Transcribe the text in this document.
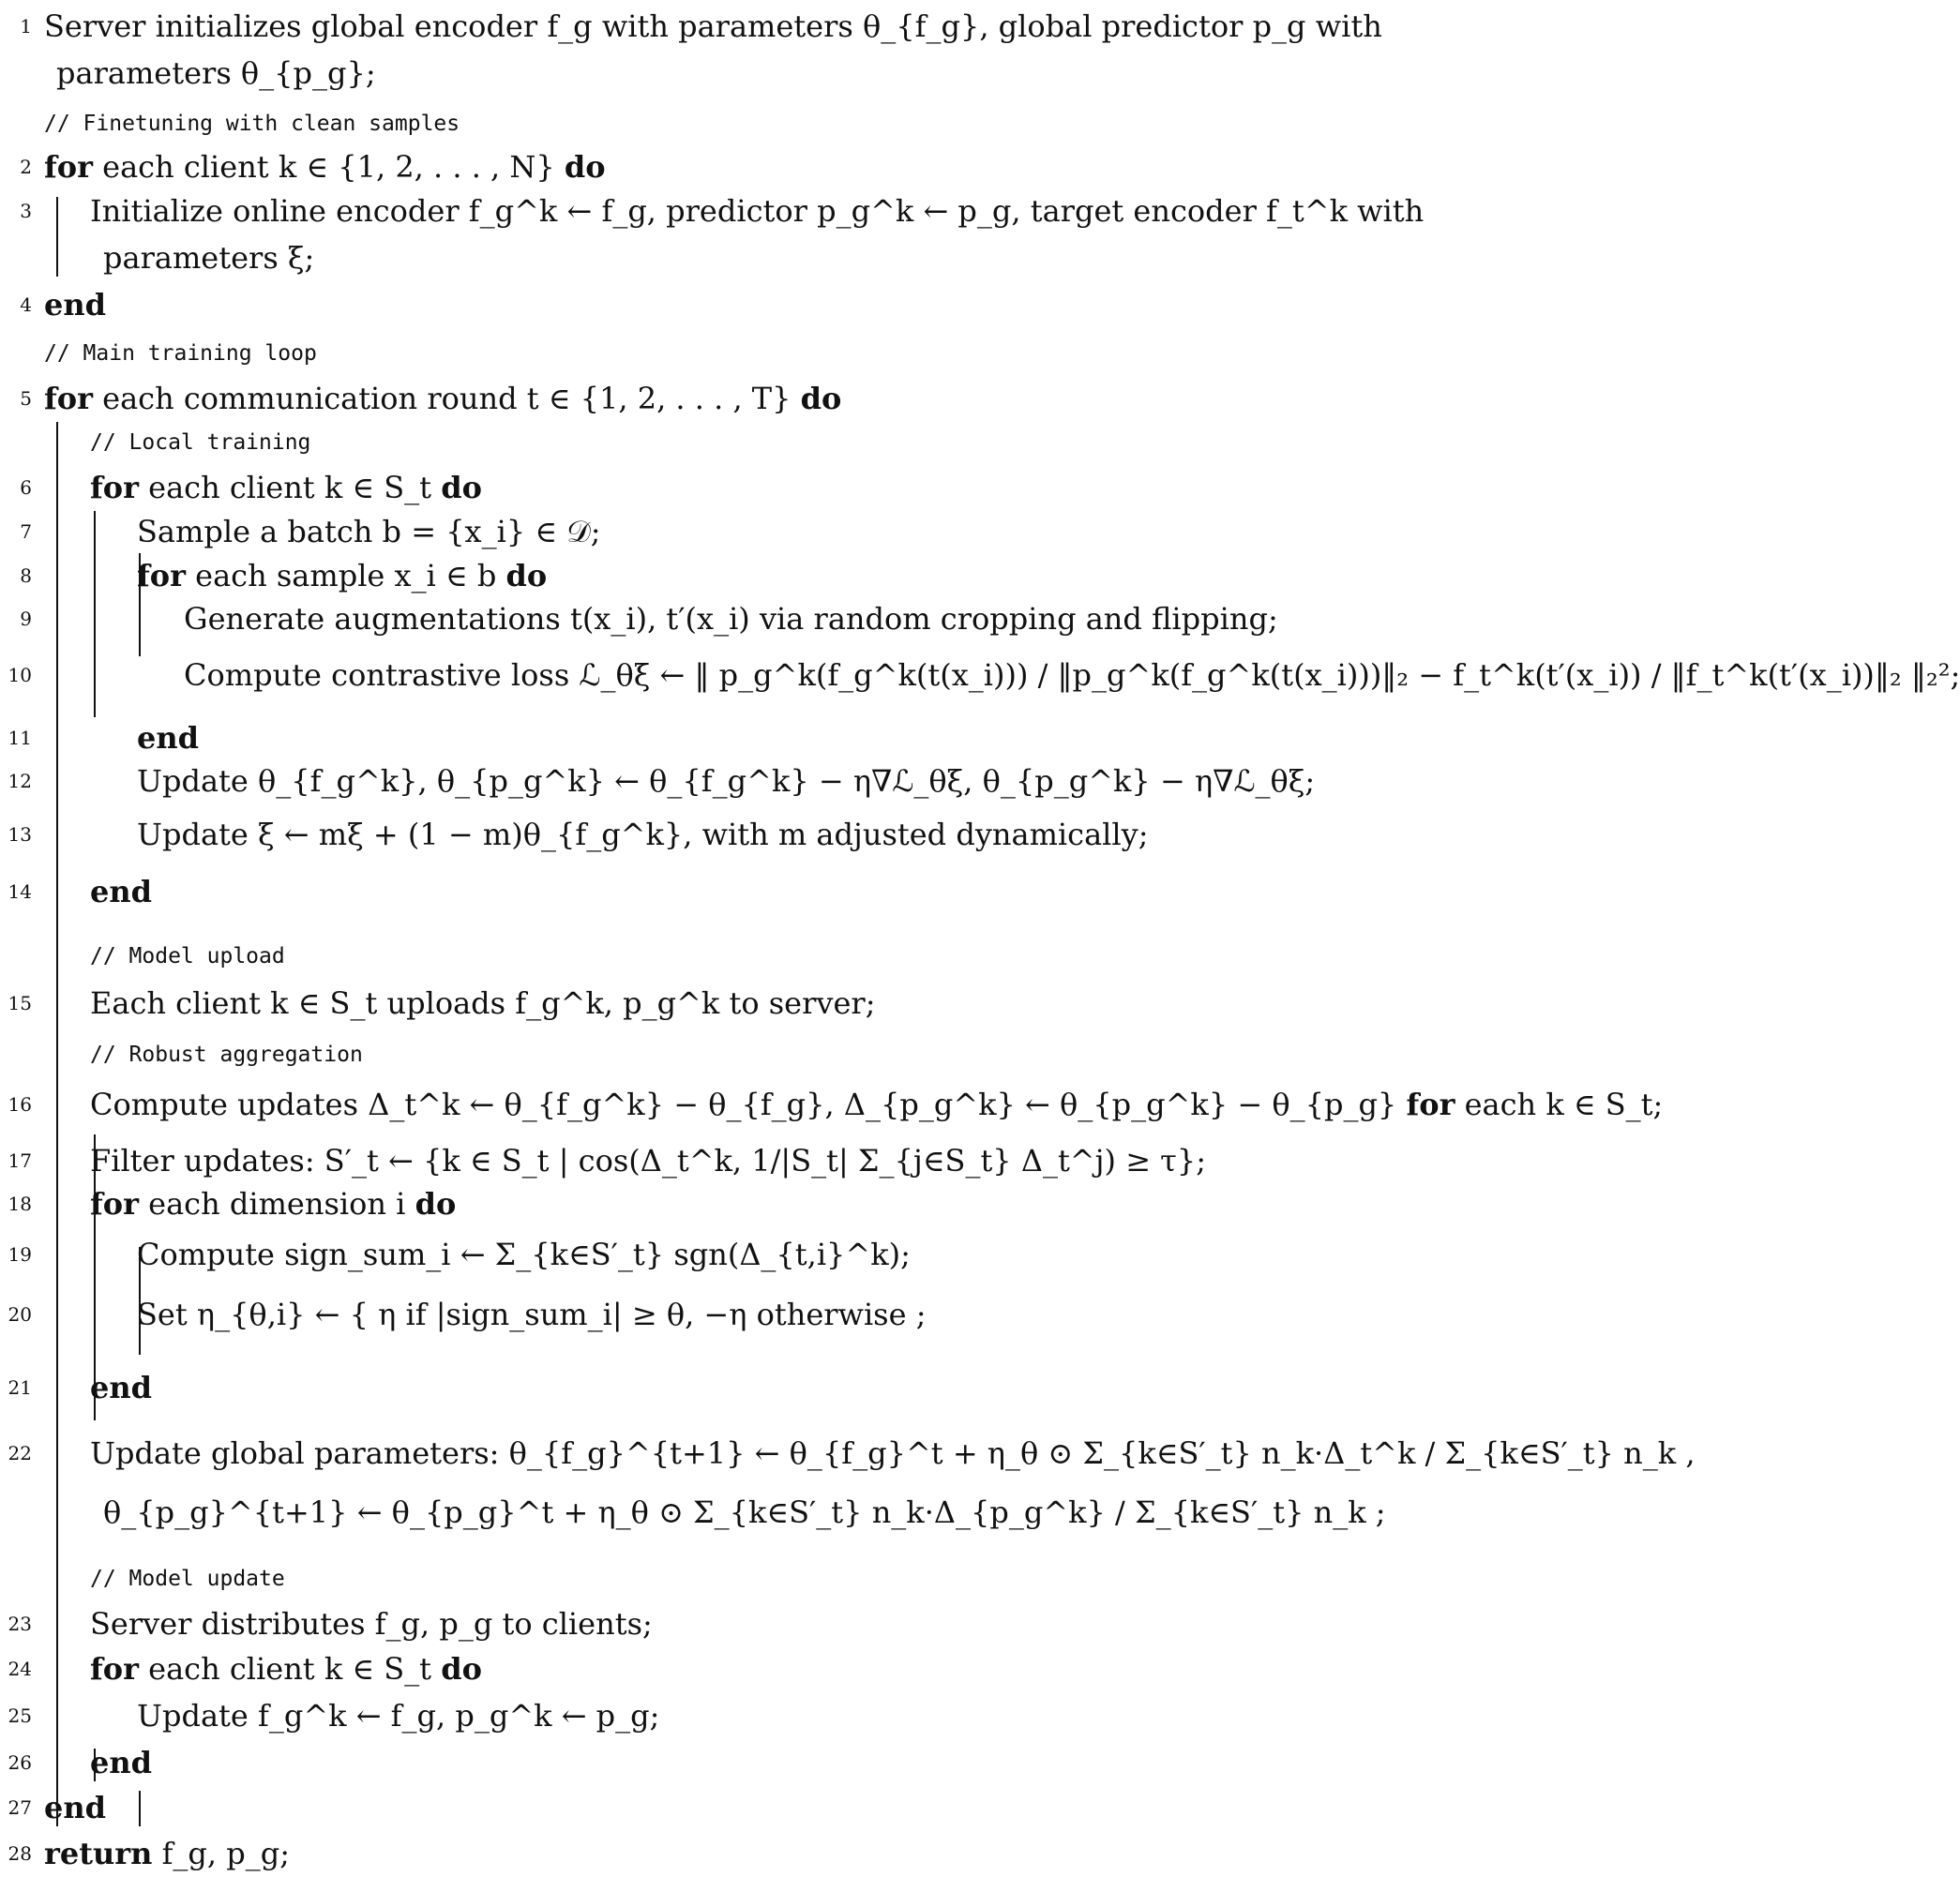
1 Server initializes global encoder f_g with parameters θ_{f_g}, global predictor p_g with
parameters θ_{p_g};
// Finetuning with clean samples
2 for each client k ∈ {1, 2, . . . , N} do
3 Initialize online encoder f_g^k ← f_g, predictor p_g^k ← p_g, target encoder f_t^k with
parameters ξ;
4 end
// Main training loop
5 for each communication round t ∈ {1, 2, . . . , T} do
// Local training
6 for each client k ∈ S_t do
7	Sample a batch b = {x_i} ∈ 𝒟;
8	for each sample x_i ∈ b do
9	Generate augmentations t(x_i), t′(x_i) via random cropping and flipping;
10	Compute contrastive loss ℒ_θξ ← ‖ p_g^k(f_g^k(t(x_i))) / ‖p_g^k(f_g^k(t(x_i)))‖₂ − f_t^k(t′(x_i)) / ‖f_t^k(t′(x_i))‖₂ ‖₂²;
11	end
12	Update θ_{f_g^k}, θ_{p_g^k} ← θ_{f_g^k} − η∇ℒ_θξ, θ_{p_g^k} − η∇ℒ_θξ;
13	Update ξ ← mξ + (1 − m)θ_{f_g^k}, with m adjusted dynamically;
14 end
// Model upload
15 Each client k ∈ S_t uploads f_g^k, p_g^k to server;
// Robust aggregation
16 Compute updates Δ_t^k ← θ_{f_g^k} − θ_{f_g}, Δ_{p_g^k} ← θ_{p_g^k} − θ_{p_g} for each k ∈ S_t;
17 Filter updates: S′_t ← {k ∈ S_t | cos(Δ_t^k, 1/|S_t| Σ_{j∈S_t} Δ_t^j) ≥ τ};
18 for each dimension i do
19	Compute sign_sum_i ← Σ_{k∈S′_t} sgn(Δ_{t,i}^k);
20	Set η_{θ,i} ← { η if |sign_sum_i| ≥ θ, −η otherwise ;
21 end
22 Update global parameters: θ_{f_g}^{t+1} ← θ_{f_g}^t + η_θ ⊙ Σ_{k∈S′_t} n_k·Δ_t^k / Σ_{k∈S′_t} n_k ,
θ_{p_g}^{t+1} ← θ_{p_g}^t + η_θ ⊙ Σ_{k∈S′_t} n_k·Δ_{p_g^k} / Σ_{k∈S′_t} n_k ;
// Model update
23 Server distributes f_g, p_g to clients;
24 for each client k ∈ S_t do
25	Update f_g^k ← f_g, p_g^k ← p_g;
26 end
27 end
28 return f_g, p_g;
